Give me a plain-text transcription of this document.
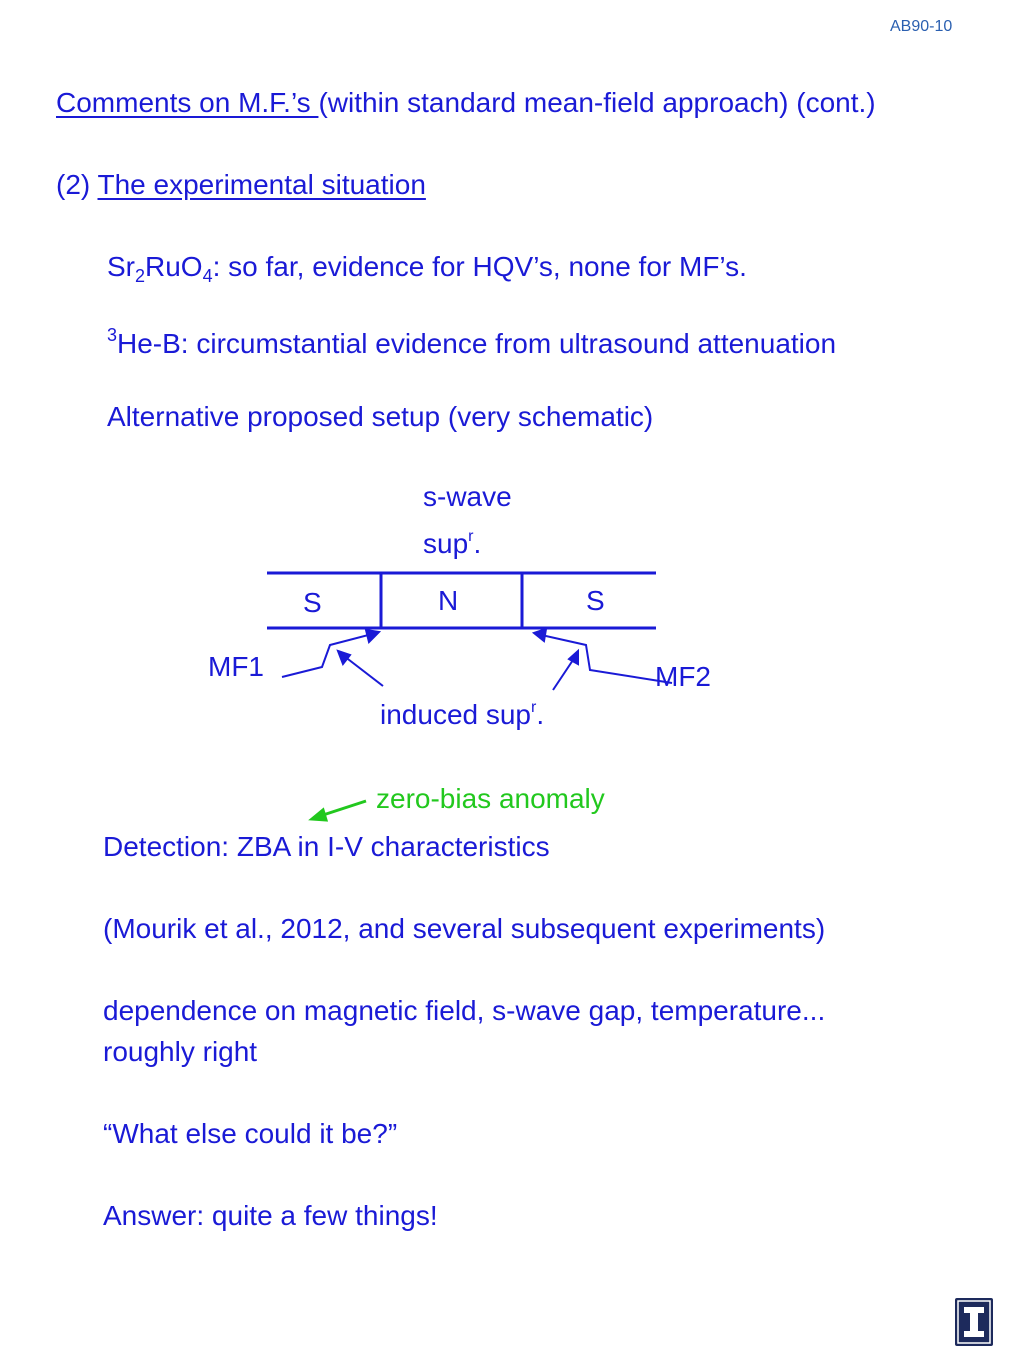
AB90-10
Comments on M.F.’s (within standard mean-field approach) (cont.)
(2) The experimental situation
$Sr_2RuO_4$: so far, evidence for HQV’s, none for MF’s.
$^3$He-B: circumstantial evidence from ultrasound attenuation
Alternative proposed setup (very schematic)
s-wave
sup$^r$.
S	N	S
MF1	MF2
induced sup$^r$.
zero-bias anomaly
Detection: ZBA in I-V characteristics
(Mourik et al., 2012, and several subsequent experiments)
dependence on magnetic field, s-wave gap, temperature...
roughly right
“What else could it be?”
Answer: quite a few things!
